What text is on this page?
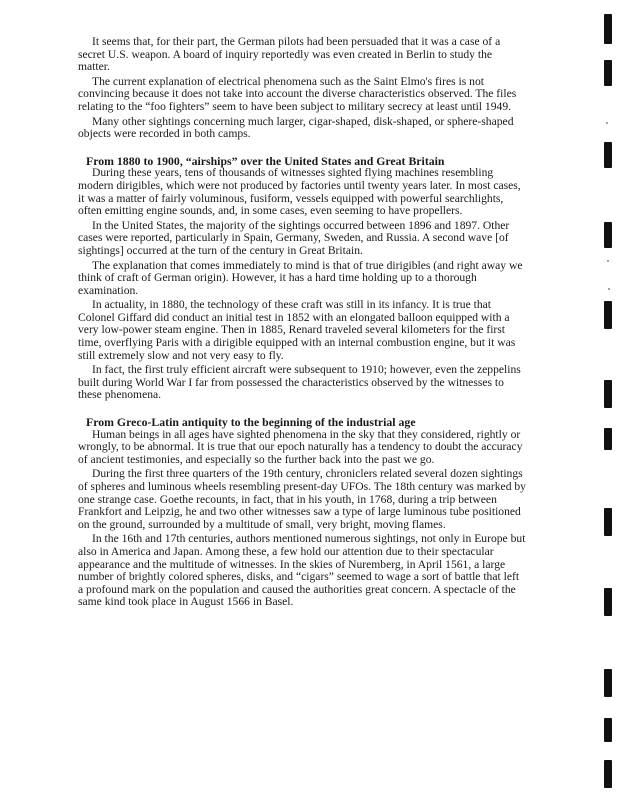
It seems that, for their part, the German pilots had been persuaded that it was a case of a secret U.S. weapon. A board of inquiry reportedly was even created in Berlin to study the matter.

The current explanation of electrical phenomena such as the Saint Elmo's fires is not convincing because it does not take into account the diverse characteristics observed. The files relating to the “foo fighters” seem to have been subject to military secrecy at least until 1949.

Many other sightings concerning much larger, cigar-shaped, disk-shaped, or sphere-shaped objects were recorded in both camps.

From 1880 to 1900, “airships” over the United States and Great Britain

During these years, tens of thousands of witnesses sighted flying machines resembling modern dirigibles, which were not produced by factories until twenty years later. In most cases, it was a matter of fairly voluminous, fusiform, vessels equipped with powerful searchlights, often emitting engine sounds, and, in some cases, even seeming to have propellers.

In the United States, the majority of the sightings occurred between 1896 and 1897. Other cases were reported, particularly in Spain, Germany, Sweden, and Russia. A second wave [of sightings] occurred at the turn of the century in Great Britain.

The explanation that comes immediately to mind is that of true dirigibles (and right away we think of craft of German origin). However, it has a hard time holding up to a thorough examination.

In actuality, in 1880, the technology of these craft was still in its infancy. It is true that Colonel Giffard did conduct an initial test in 1852 with an elongated balloon equipped with a very low-power steam engine. Then in 1885, Renard traveled several kilometers for the first time, overflying Paris with a dirigible equipped with an internal combustion engine, but it was still extremely slow and not very easy to fly.

In fact, the first truly efficient aircraft were subsequent to 1910; however, even the zeppelins built during World War I far from possessed the characteristics observed by the witnesses to these phenomena.

From Greco-Latin antiquity to the beginning of the industrial age

Human beings in all ages have sighted phenomena in the sky that they considered, rightly or wrongly, to be abnormal. It is true that our epoch naturally has a tendency to doubt the accuracy of ancient testimonies, and especially so the further back into the past we go.

During the first three quarters of the 19th century, chroniclers related several dozen sightings of spheres and luminous wheels resembling present-day UFOs. The 18th century was marked by one strange case. Goethe recounts, in fact, that in his youth, in 1768, during a trip between Frankfort and Leipzig, he and two other witnesses saw a type of large luminous tube positioned on the ground, surrounded by a multitude of small, very bright, moving flames.

In the 16th and 17th centuries, authors mentioned numerous sightings, not only in Europe but also in America and Japan. Among these, a few hold our attention due to their spectacular appearance and the multitude of witnesses. In the skies of Nuremberg, in April 1561, a large number of brightly colored spheres, disks, and “cigars” seemed to wage a sort of battle that left a profound mark on the population and caused the authorities great concern. A spectacle of the same kind took place in August 1566 in Basel.
